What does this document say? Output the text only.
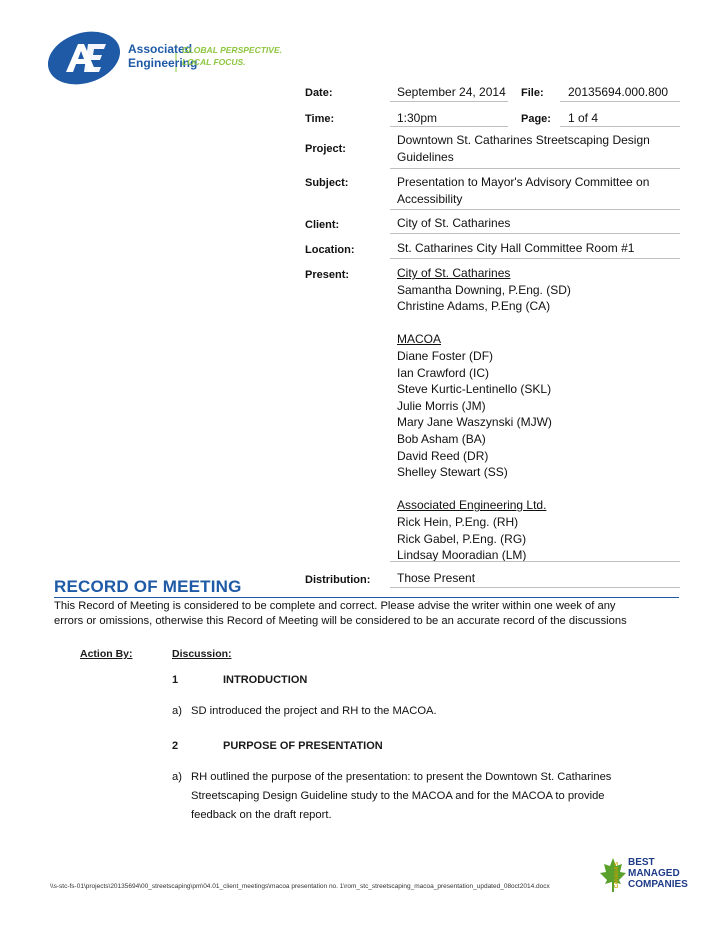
Associated
Engineering
GLOBAL PERSPECTIVE.
LOCAL FOCUS.
Date:	September 24, 2014 File: 20135694.000.800
Time:	1:30pm	Page: 1 of 4
Project:
Downtown St. Catharines Streetscaping Design
Guidelines
Subject:	Presentation to Mayor's Advisory Committee on
Accessibility
Client:	City of St. Catharines
Location:	St. Catharines City Hall Committee Room #1
Present:	City of St. Catharines
Samantha Downing, P.Eng. (SD)
Christine Adams, P.Eng (CA)
MACOA
Diane Foster (DF)
Ian Crawford (IC)
Steve Kurtic-Lentinello (SKL)
Julie Morris (JM)
Mary Jane Waszynski (MJW)
Bob Asham (BA)
David Reed (DR)
Shelley Stewart (SS)
Associated Engineering Ltd.
Rick Hein, P.Eng. (RH)
Rick Gabel, P.Eng. (RG)
Lindsay Mooradian (LM)
Distribution: Those Present
RECORD OF MEETING
This Record of Meeting is considered to be complete and correct. Please advise the writer within one week of any
errors or omissions, otherwise this Record of Meeting will be considered to be an accurate record of the discussions
Action By:	Discussion:
1	INTRODUCTION
a) SD introduced the project and RH to the MACOA.
2	PURPOSE OF PRESENTATION
a) RH outlined the purpose of the presentation: to present the Downtown St. Catharines
Streetscaping Design Guideline study to the MACOA and for the MACOA to provide
feedback on the draft report.
\\s-stc-fs-01\projects\20135694\00_streetscaping\pm\04.01_client_meetings\macoa presentation no. 1\rom_stc_streetscaping_macoa_presentation_updated_08oct2014.docx	CANADA'S BEST
MANAGED
COMPANIES
